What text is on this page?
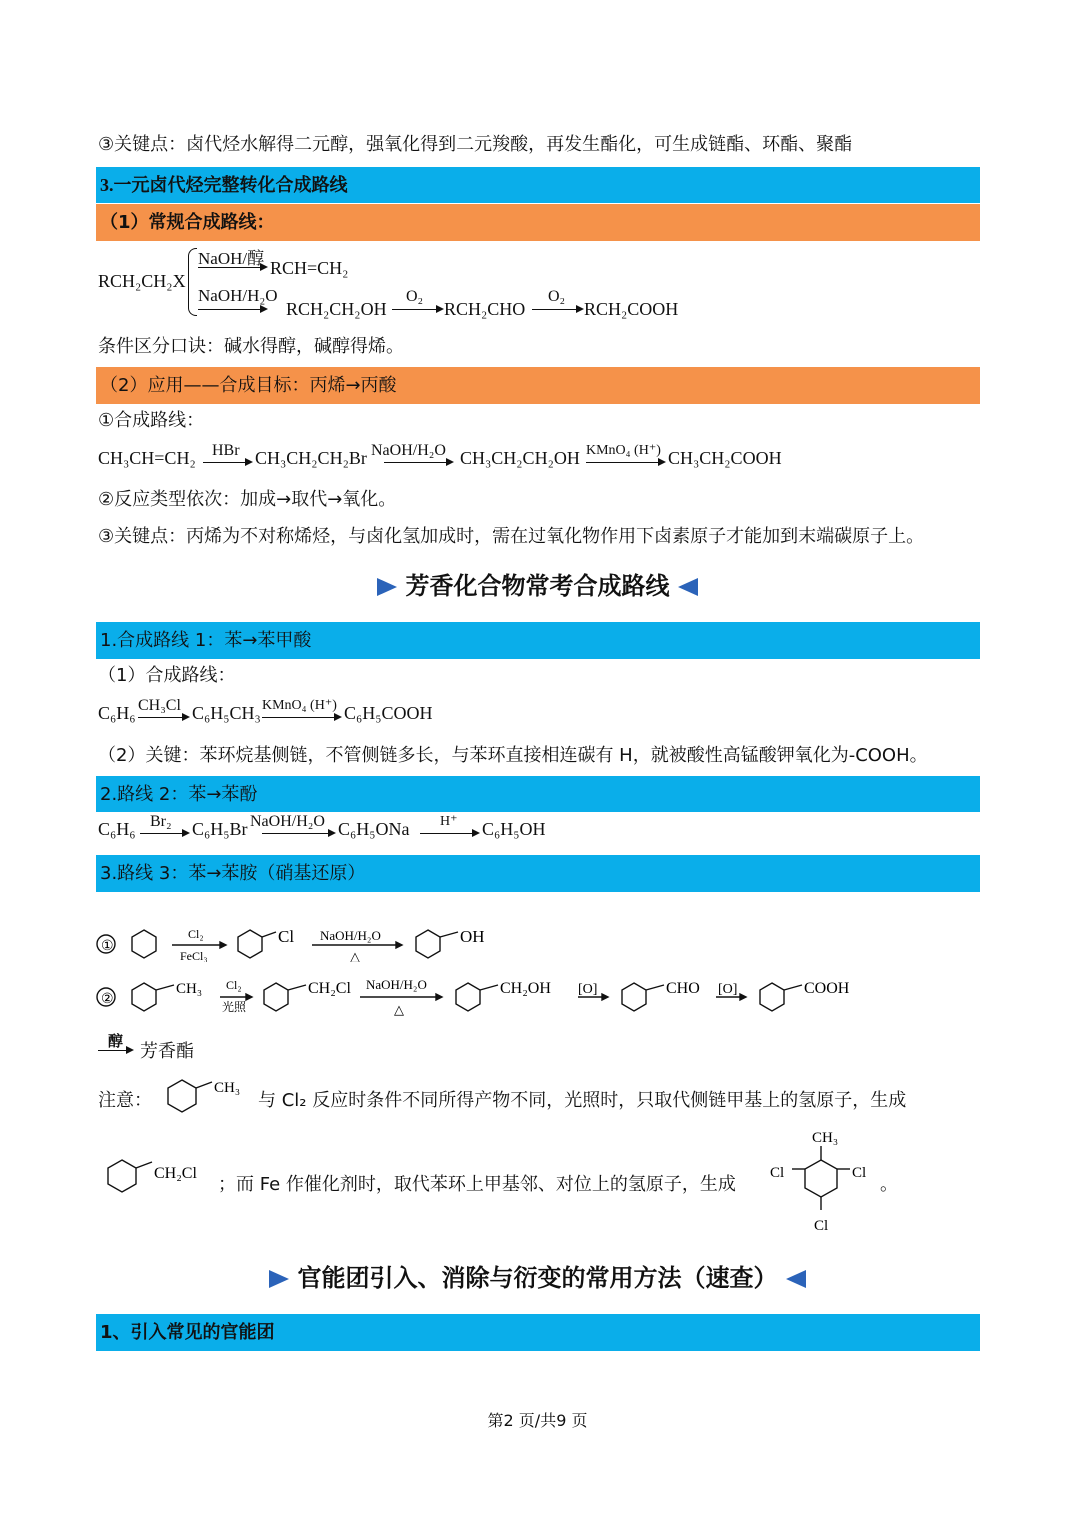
③关键点：卤代烃水解得二元醇，强氧化得到二元羧酸，再发生酯化，可生成链酯、环酯、聚酯
3.一元卤代烃完整转化合成路线
（1）常规合成路线：
RCH₂CH₂X
NaOH/醇 RCH=CH₂
NaOH/H₂O
RCH₂CH₂OH
O₂
RCH₂CHO
O₂
RCH₂COOH
条件区分口诀：碱水得醇，碱醇得烯。
（2）应用——合成目标：丙烯→丙酸
①合成路线：
CH₃CH=CH₂ HBr CH₃CH₂CH₂Br NaOH/H₂O CH₃CH₂CH₂OH KMnO₄ (H⁺) CH₃CH₂COOH
②反应类型依次：加成→取代→氧化。
③关键点：丙烯为不对称烯烃，与卤化氢加成时，需在过氧化物作用下卤素原子才能加到末端碳原子上。
芳香化合物常考合成路线
1.合成路线 1：苯→苯甲酸
（1）合成路线：
C₆H₆ CH₃Cl C₆H₅CH₃ KMnO₄ (H⁺) C₆H₅COOH
（2）关键：苯环烷基侧链，不管侧链多长，与苯环直接相连碳有 H，就被酸性高锰酸钾氧化为-COOH。
2.路线 2：苯→苯酚
C₆H₆ Br₂ C₆H₅Br NaOH/H₂O C₆H₅ONa H⁺ C₆H₅OH
3.路线 3：苯→苯胺（硝基还原）
①
Cl₂
FeCl₃
Cl NaOH/H₂O
△
OH
②
CH₃ Cl₂
光照
CH₂Cl NaOH/H₂O
△
CH₂OH [O]	CHO [O]	COOH
醇 芳香酯
注意：
CH₃
与 Cl₂ 反应时条件不同所得产物不同，光照时，只取代侧链甲基上的氢原子，生成
CH₂Cl
；而 Fe 作催化剂时，取代苯环上甲基邻、对位上的氢原子，生成
CH₃
Cl
Cl
Cl
。
官能团引入、消除与衍变的常用方法（速查）
1、引入常见的官能团
第2 页/共9 页
